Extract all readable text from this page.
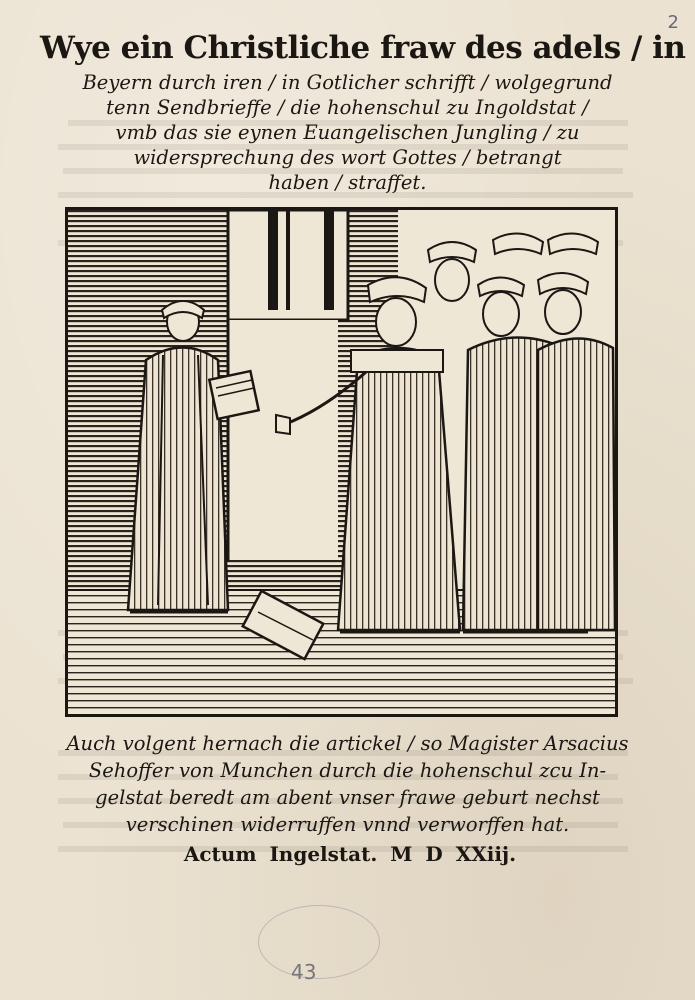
2
Wye ein Christliche fraw des adels / in
Beyern durch iren / in Gotlicher schrifft / wolgegrund
tenn Sendbrieffe / die hohenschul zu Ingoldstat /
vmb das sie eynen Euangelischen Jungling / zu
widersprechung des wort Gottes / betrangt
haben / straffet.
Auch volgent hernach die artickel / so Magister Arsacius
Sehoffer von Munchen durch die hohenschul zcu In-
gelstat beredt am abent vnser frawe geburt nechst
verschinen widerruffen vnnd verworffen hat.
Actum Ingelstat. M D XXiij.
43
